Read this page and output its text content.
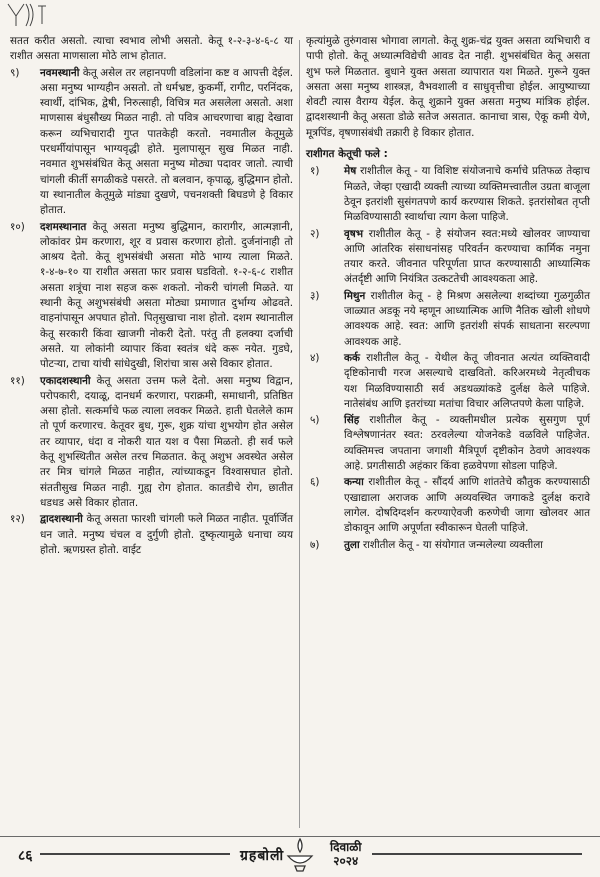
सतत करीत असतो. त्याचा स्वभाव लोभी असतो. केतू १-२-३-४-६-८ या राशीत असता माणसाला मोठे लाभ होतात.

९)	नवमस्थानी केतू असेल तर लहानपणी वडिलांना कष्ट व आपत्ती देईल. असा मनुष्य भाग्यहीन असतो. तो धर्मभ्रष्ट, कुकर्मी, रागीट, परनिंदक, स्वार्थी, दांभिक, द्वेषी, निरुत्साही, विचित्र मत असलेला असतो. अशा माणसास बंधुसौख्य मिळत नाही. तो पवित्र आचरणाचा बाह्य देखावा करून व्यभिचारादी गुप्त पातकेही करतो. नवमातील केतूमुळे परधर्मीयांपासून भाग्यवृद्धी होते. मुलापासून सुख मिळत नाही. नवमात शुभसंबंधित केतू असता मनुष्य मोठ्या पदावर जातो. त्याची चांगली कीर्ती सगळीकडे पसरते. तो बलवान, कृपाळू, बुद्धिमान होतो. या स्थानातील केतूमुळे मांड्या दुखणे, पचनशक्ती बिघडणे हे विकार होतात.
१०)	दशमस्थानात केतू असता मनुष्य बुद्धिमान, कारागीर, आत्मज्ञानी, लोकांवर प्रेम करणारा, शूर व प्रवास करणारा होतो. दुर्जनांनाही तो आश्रय देतो. केतू शुभसंबंधी असता मोठे भाग्य त्याला मिळते. १-४-७-१० या राशीत असता फार प्रवास घडवितो. १-२-६-८ राशीत असता शत्रूंचा नाश सहज करू शकतो. नोकरी चांगली मिळते. या स्थानी केतू अशुभसंबंधी असता मोठ्या प्रमाणात दुर्भाग्य ओढवते. वाहनांपासून अपघात होतो. पितृसुखाचा नाश होतो. दशम स्थानातील केतू सरकारी किंवा खाजगी नोकरी देतो. परंतु ती हलक्या दर्जाची असते. या लोकांनी व्यापार किंवा स्वतंत्र धंदे करू नयेत. गुडघे, पोटऱ्या, टाचा यांची सांधेदुखी, शिरांचा त्रास असे विकार होतात.
११)	एकादशस्थानी केतू असता उत्तम फले देतो. असा मनुष्य विद्वान, परोपकारी, दयाळू, दानधर्म करणारा, पराक्रमी, समाधानी, प्रतिष्ठित असा होतो. सत्कर्माचे फळ त्याला लवकर मिळते. हाती घेतलेले काम तो पूर्ण करणारच. केतूवर बुध, गुरू, शुक्र यांचा शुभयोग होत असेल तर व्यापार, धंदा व नोकरी यात यश व पैसा मिळतो. ही सर्व फले केतू शुभस्थितीत असेल तरच मिळतात. केतू अशुभ अवस्थेत असेल तर मित्र चांगले मिळत नाहीत, त्यांच्याकडून विश्वासघात होतो. संततीसुख मिळत नाही. गुह्य रोग होतात. कातडीचे रोग, छातीत धडधड असे विकार होतात.
१२)	द्वादशस्थानी केतू असता फारशी चांगली फले मिळत नाहीत. पूर्वार्जित धन जाते. मनुष्य चंचल व दुर्गुणी होतो. दुष्कृत्यामुळे धनाचा व्यय होतो. ऋणग्रस्त होतो. वाईट

कृत्यांमुळे तुरुंगवास भोगावा लागतो. केतू शुक्र-चंद्र युक्त असता व्यभिचारी व पापी होतो. केतू अध्यात्मविद्येची आवड देत नाही. शुभसंबंधित केतू असता शुभ फले मिळतात. बुधाने युक्त असता व्यापारात यश मिळते. गुरूने युक्त असता असा मनुष्य शास्त्रज्ञ, वैभवशाली व साधुवृत्तीचा होईल. आयुष्याच्या शेवटी त्यास वैराग्य येईल. केतू शुक्राने युक्त असता मनुष्य मांत्रिक होईल. द्वादशस्थानी केतू असता डोळे सतेज असतात. कानाचा त्रास, ऐकू कमी येणे, मूत्रपिंड, वृषणासंबंधी तक्रारी हे विकार होतात.

राशीगत केतूची फले :
१)	मेष राशीतील केतू - या विशिष्ट संयोजनाचे कर्माचे प्रतिफळ तेव्हाच मिळते, जेव्हा एखादी व्यक्ती त्याच्या व्यक्तिमत्त्वातील उग्रता बाजूला ठेवून इतरांशी सुसंगतपणे कार्य करण्यास शिकते. इतरांसोबत तृप्ती मिळविण्यासाठी स्वार्थाचा त्याग केला पाहिजे.
२)	वृषभ राशीतील केतू - हे संयोजन स्वत:मध्ये खोलवर जाण्याचा आणि आंतरिक संसाधनांसह परिवर्तन करण्याचा कार्मिक नमुना तयार करते. जीवनात परिपूर्णता प्राप्त करण्यासाठी आध्यात्मिक अंतर्दृष्टी आणि नियंत्रित उत्कटतेची आवश्यकता आहे.
३)	मिथुन राशीतील केतू - हे मिश्रण असलेल्या शब्दांच्या गुळगुळीत जाळ्यात अडकू नये म्हणून आध्यात्मिक आणि नैतिक खोली शोधणे आवश्यक आहे. स्वत: आणि इतरांशी संपर्क साधताना सरल्पणा आवश्यक आहे.
४)	कर्क राशीतील केतू - येथील केतू जीवनात अत्यंत व्यक्तिवादी दृष्टिकोनाची गरज असल्याचे दाखवितो. करिअरमध्ये नेतृत्वीचक यश मिळविण्यासाठी सर्व अडथळ्यांकडे दुर्लक्ष केले पाहिजे. नातेसंबंध आणि इतरांच्या मतांचा विचार अलिप्तपणे केला पाहिजे.
५)	सिंह राशीतील केतू - व्यक्तीमधील प्रत्येक सुसगुण पूर्ण विश्लेषणानंतर स्वत: ठरवलेल्या योजनेकडे वळविले पाहिजेत. व्यक्तिमत्त्व जपताना जगाशी मैत्रिपूर्ण दृष्टीकोन ठेवणे आवश्यक आहे. प्रगतीसाठी अहंकार किंवा हळवेपणा सोडला पाहिजे.
६)	कन्या राशीतील केतू - सौंदर्य आणि शांततेचे कौतुक करण्यासाठी एखाद्याला अराजक आणि अव्यवस्थित जगाकडे दुर्लक्ष करावे लागेल. दोषदिग्दर्शन करण्याऐवजी करुणेची जागा खोलवर आत डोकावून आणि अपूर्णता स्वीकारून घेतली पाहिजे.
७)	तुला राशीतील केतू - या संयोगात जन्मलेल्या व्यक्तीला
८६	ग्रहबोली
दिवाळी
२०२४
